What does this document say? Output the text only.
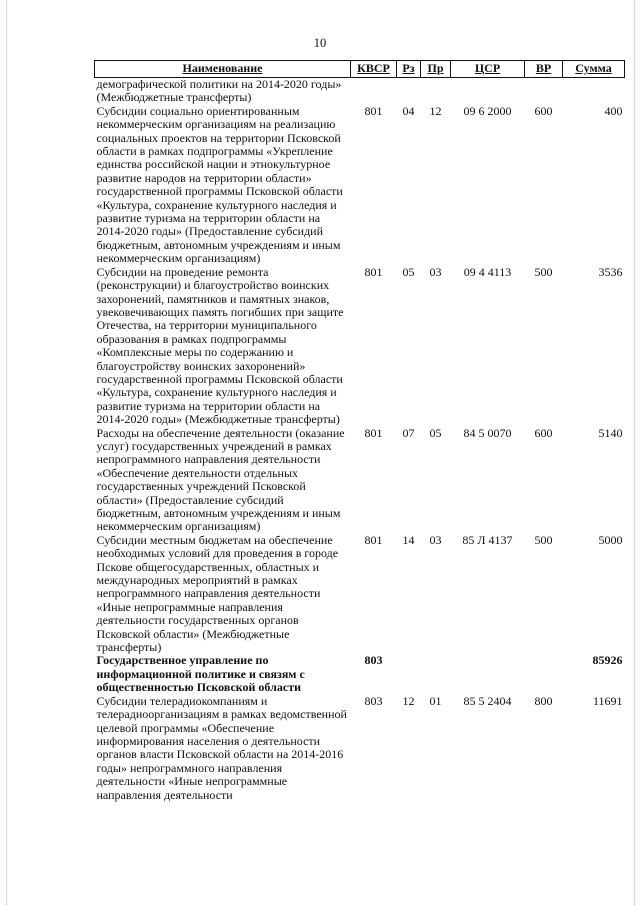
10
Наименование	КВСР	Рз	Пр	ЦСР	ВР	Сумма
демографической политики на 2014-2020 годы» (Межбюджетные трансферты)						
Субсидии социально ориентированным некоммерческим организациям на реализацию социальных проектов на территории Псковской области в рамках подпрограммы «Укрепление единства российской нации и этнокультурное развитие народов на территории области» государственной программы Псковской области «Культура, сохранение культурного наследия и развитие туризма на территории области на 2014-2020 годы» (Предоставление субсидий бюджетным, автономным учреждениям и иным некоммерческим организациям)	801	04	12	09 6 2000	600	400
Субсидии на проведение ремонта (реконструкции) и благоустройство воинских захоронений, памятников и памятных знаков, увековечивающих память погибших при защите Отечества, на территории муниципального образования в рамках подпрограммы «Комплексные меры по содержанию и благоустройству воинских захоронений» государственной программы Псковской области «Культура, сохранение культурного наследия и развитие туризма на территории области на 2014-2020 годы» (Межбюджетные трансферты)	801	05	03	09 4 4113	500	3536
Расходы на обеспечение деятельности (оказание услуг) государственных учреждений в рамках непрограммного направления деятельности «Обеспечение деятельности отдельных государственных учреждений Псковской области» (Предоставление субсидий бюджетным, автономным учреждениям и иным некоммерческим организациям)	801	07	05	84 5 0070	600	5140
Субсидии местным бюджетам на обеспечение необходимых условий для проведения в городе Пскове общегосударственных, областных и международных мероприятий в рамках непрограммного направления деятельности «Иные непрограммные направления деятельности государственных органов Псковской области» (Межбюджетные трансферты)	801	14	03	85 Л 4137	500	5000
Государственное управление по информационной политике и связям с общественностью Псковской области	803					85926
Субсидии телерадиокомпаниям и телерадиоорганизациям в рамках ведомственной целевой программы «Обеспечение информирования населения о деятельности органов власти Псковской области на 2014-2016 годы» непрограммного направления деятельности «Иные непрограммные направления деятельности	803	12	01	85 5 2404	800	11691
